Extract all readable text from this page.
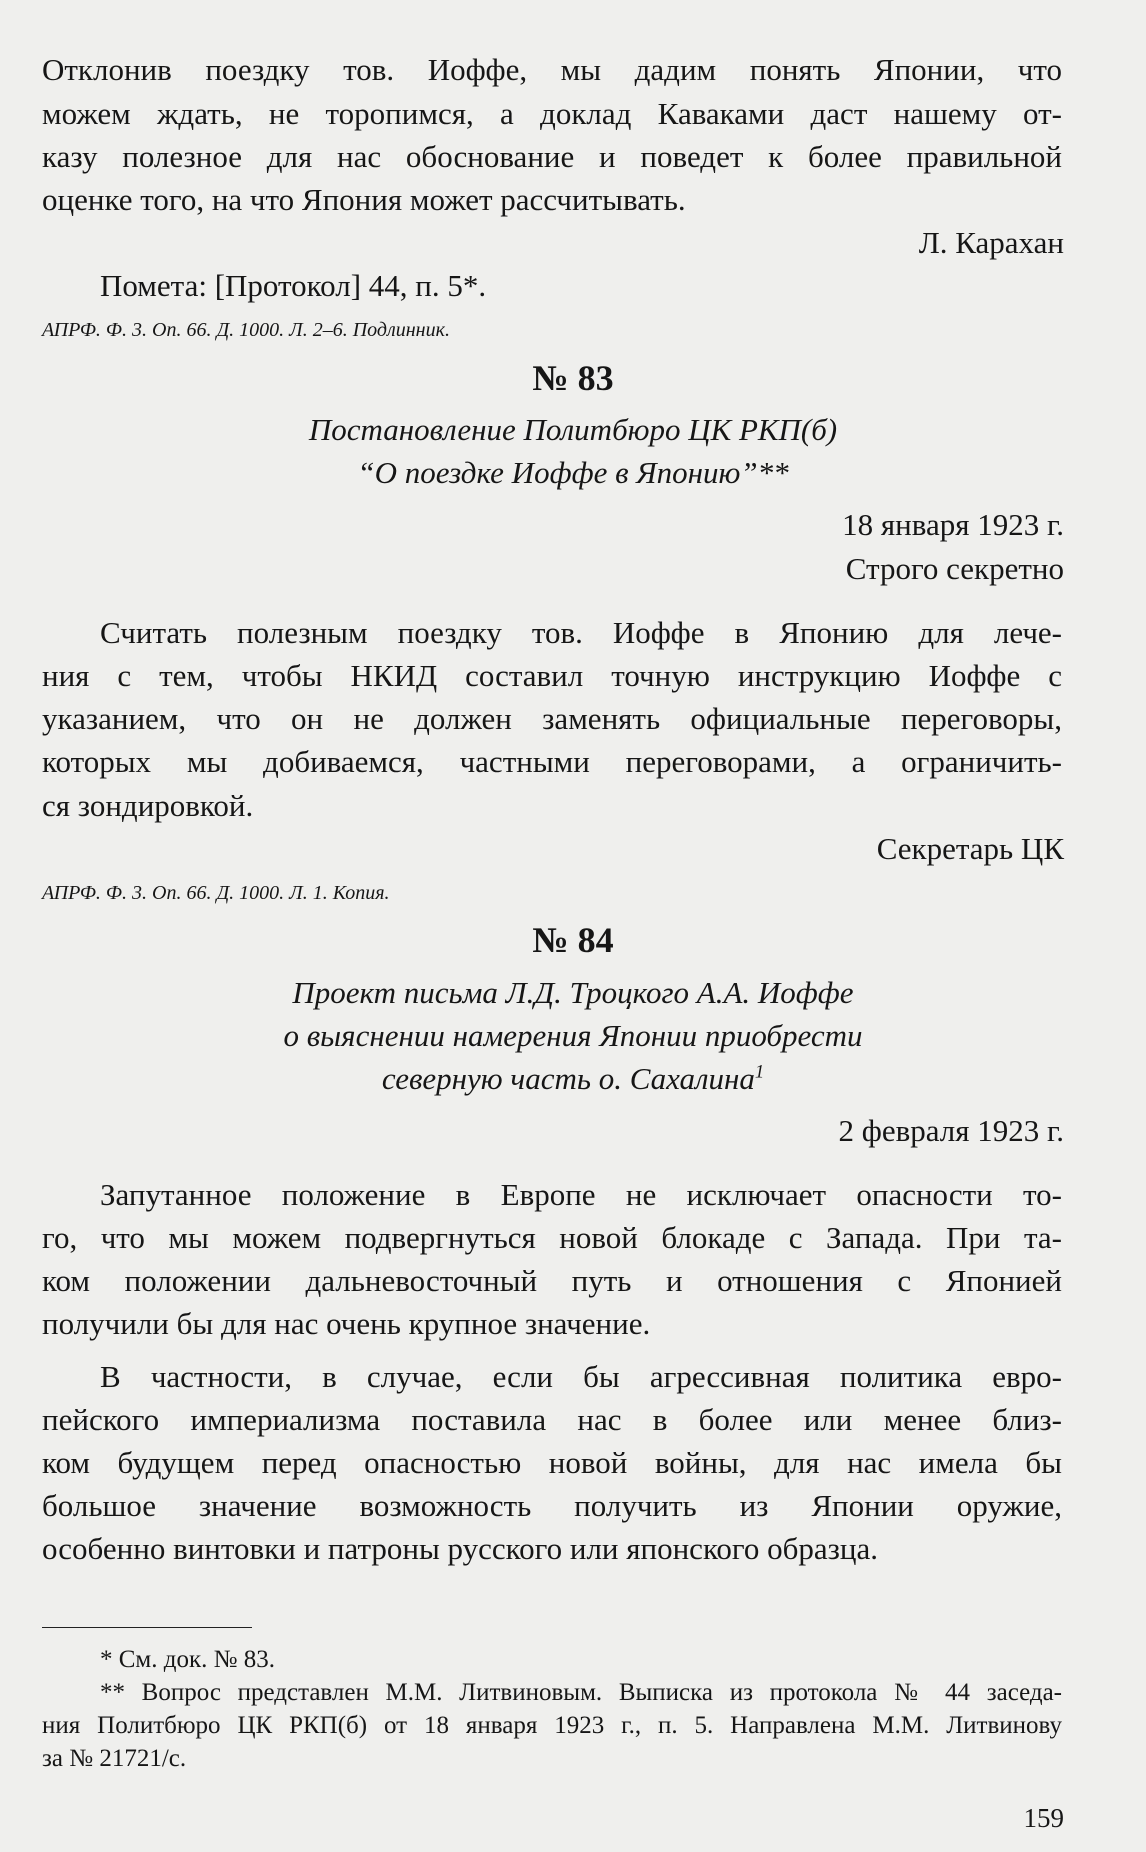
Отклонив поездку тов. Иоффе, мы дадим понять Японии, что
можем ждать, не торопимся, а доклад Каваками даст нашему от-
казу полезное для нас обоснование и поведет к более правильной
оценке того, на что Япония может рассчитывать.
Л. Карахан
Помета: [Протокол] 44, п. 5*.
АПРФ. Ф. 3. Оп. 66. Д. 1000. Л. 2–6. Подлинник.
№ 83
Постановление Политбюро ЦК РКП(б)
“О поездке Иоффе в Японию”**
18 января 1923 г.
Строго секретно
Считать полезным поездку тов. Иоффе в Японию для лече-
ния с тем, чтобы НКИД составил точную инструкцию Иоффе с
указанием, что он не должен заменять официальные переговоры,
которых мы добиваемся, частными переговорами, а ограничить-
ся зондировкой.
Секретарь ЦК
АПРФ. Ф. 3. Оп. 66. Д. 1000. Л. 1. Копия.
№ 84
Проект письма Л.Д. Троцкого А.А. Иоффе
о выяснении намерения Японии приобрести
северную часть о. Сахалина$^1$
2 февраля 1923 г.
Запутанное положение в Европе не исключает опасности то-
го, что мы можем подвергнуться новой блокаде с Запада. При та-
ком положении дальневосточный путь и отношения с Японией
получили бы для нас очень крупное значение.
В частности, в случае, если бы агрессивная политика евро-
пейского империализма поставила нас в более или менее близ-
ком будущем перед опасностью новой войны, для нас имела бы
большое значение возможность получить из Японии оружие,
особенно винтовки и патроны русского или японского образца.
* См. док. № 83.
** Вопрос представлен М.М. Литвиновым. Выписка из протокола № 44 заседа-
ния Политбюро ЦК РКП(б) от 18 января 1923 г., п. 5. Направлена М.М. Литвинову
за № 21721/с.
159
